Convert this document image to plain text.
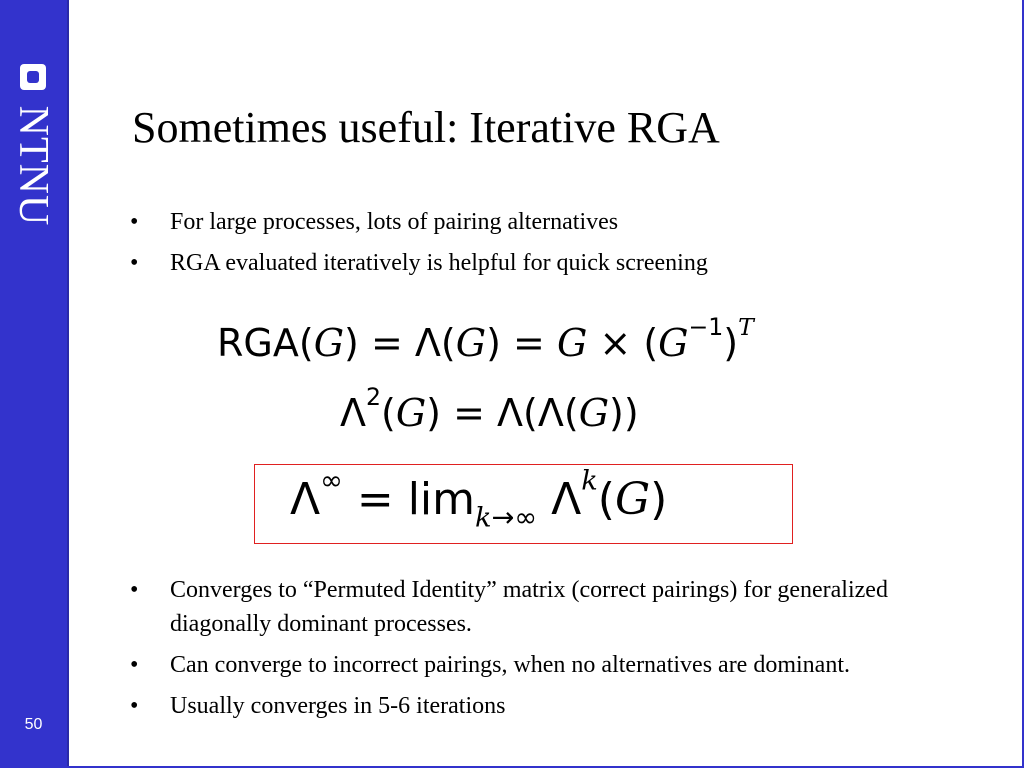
NTNU
50
Sometimes useful: Iterative RGA
• For large processes, lots of pairing alternatives
• RGA evaluated iteratively is helpful for quick screening
$RGA(G) = \Lambda(G) = G \times (G^{-1})^T$
$\Lambda^2(G) = \Lambda(\Lambda(G))$
$\Lambda^\infty = \lim_{k\to\infty} \Lambda^k(G)$
• Converges to “Permuted Identity” matrix (correct pairings) for generalized diagonally dominant processes.
• Can converge to incorrect pairings, when no alternatives are dominant.
• Usually converges in 5-6 iterations
